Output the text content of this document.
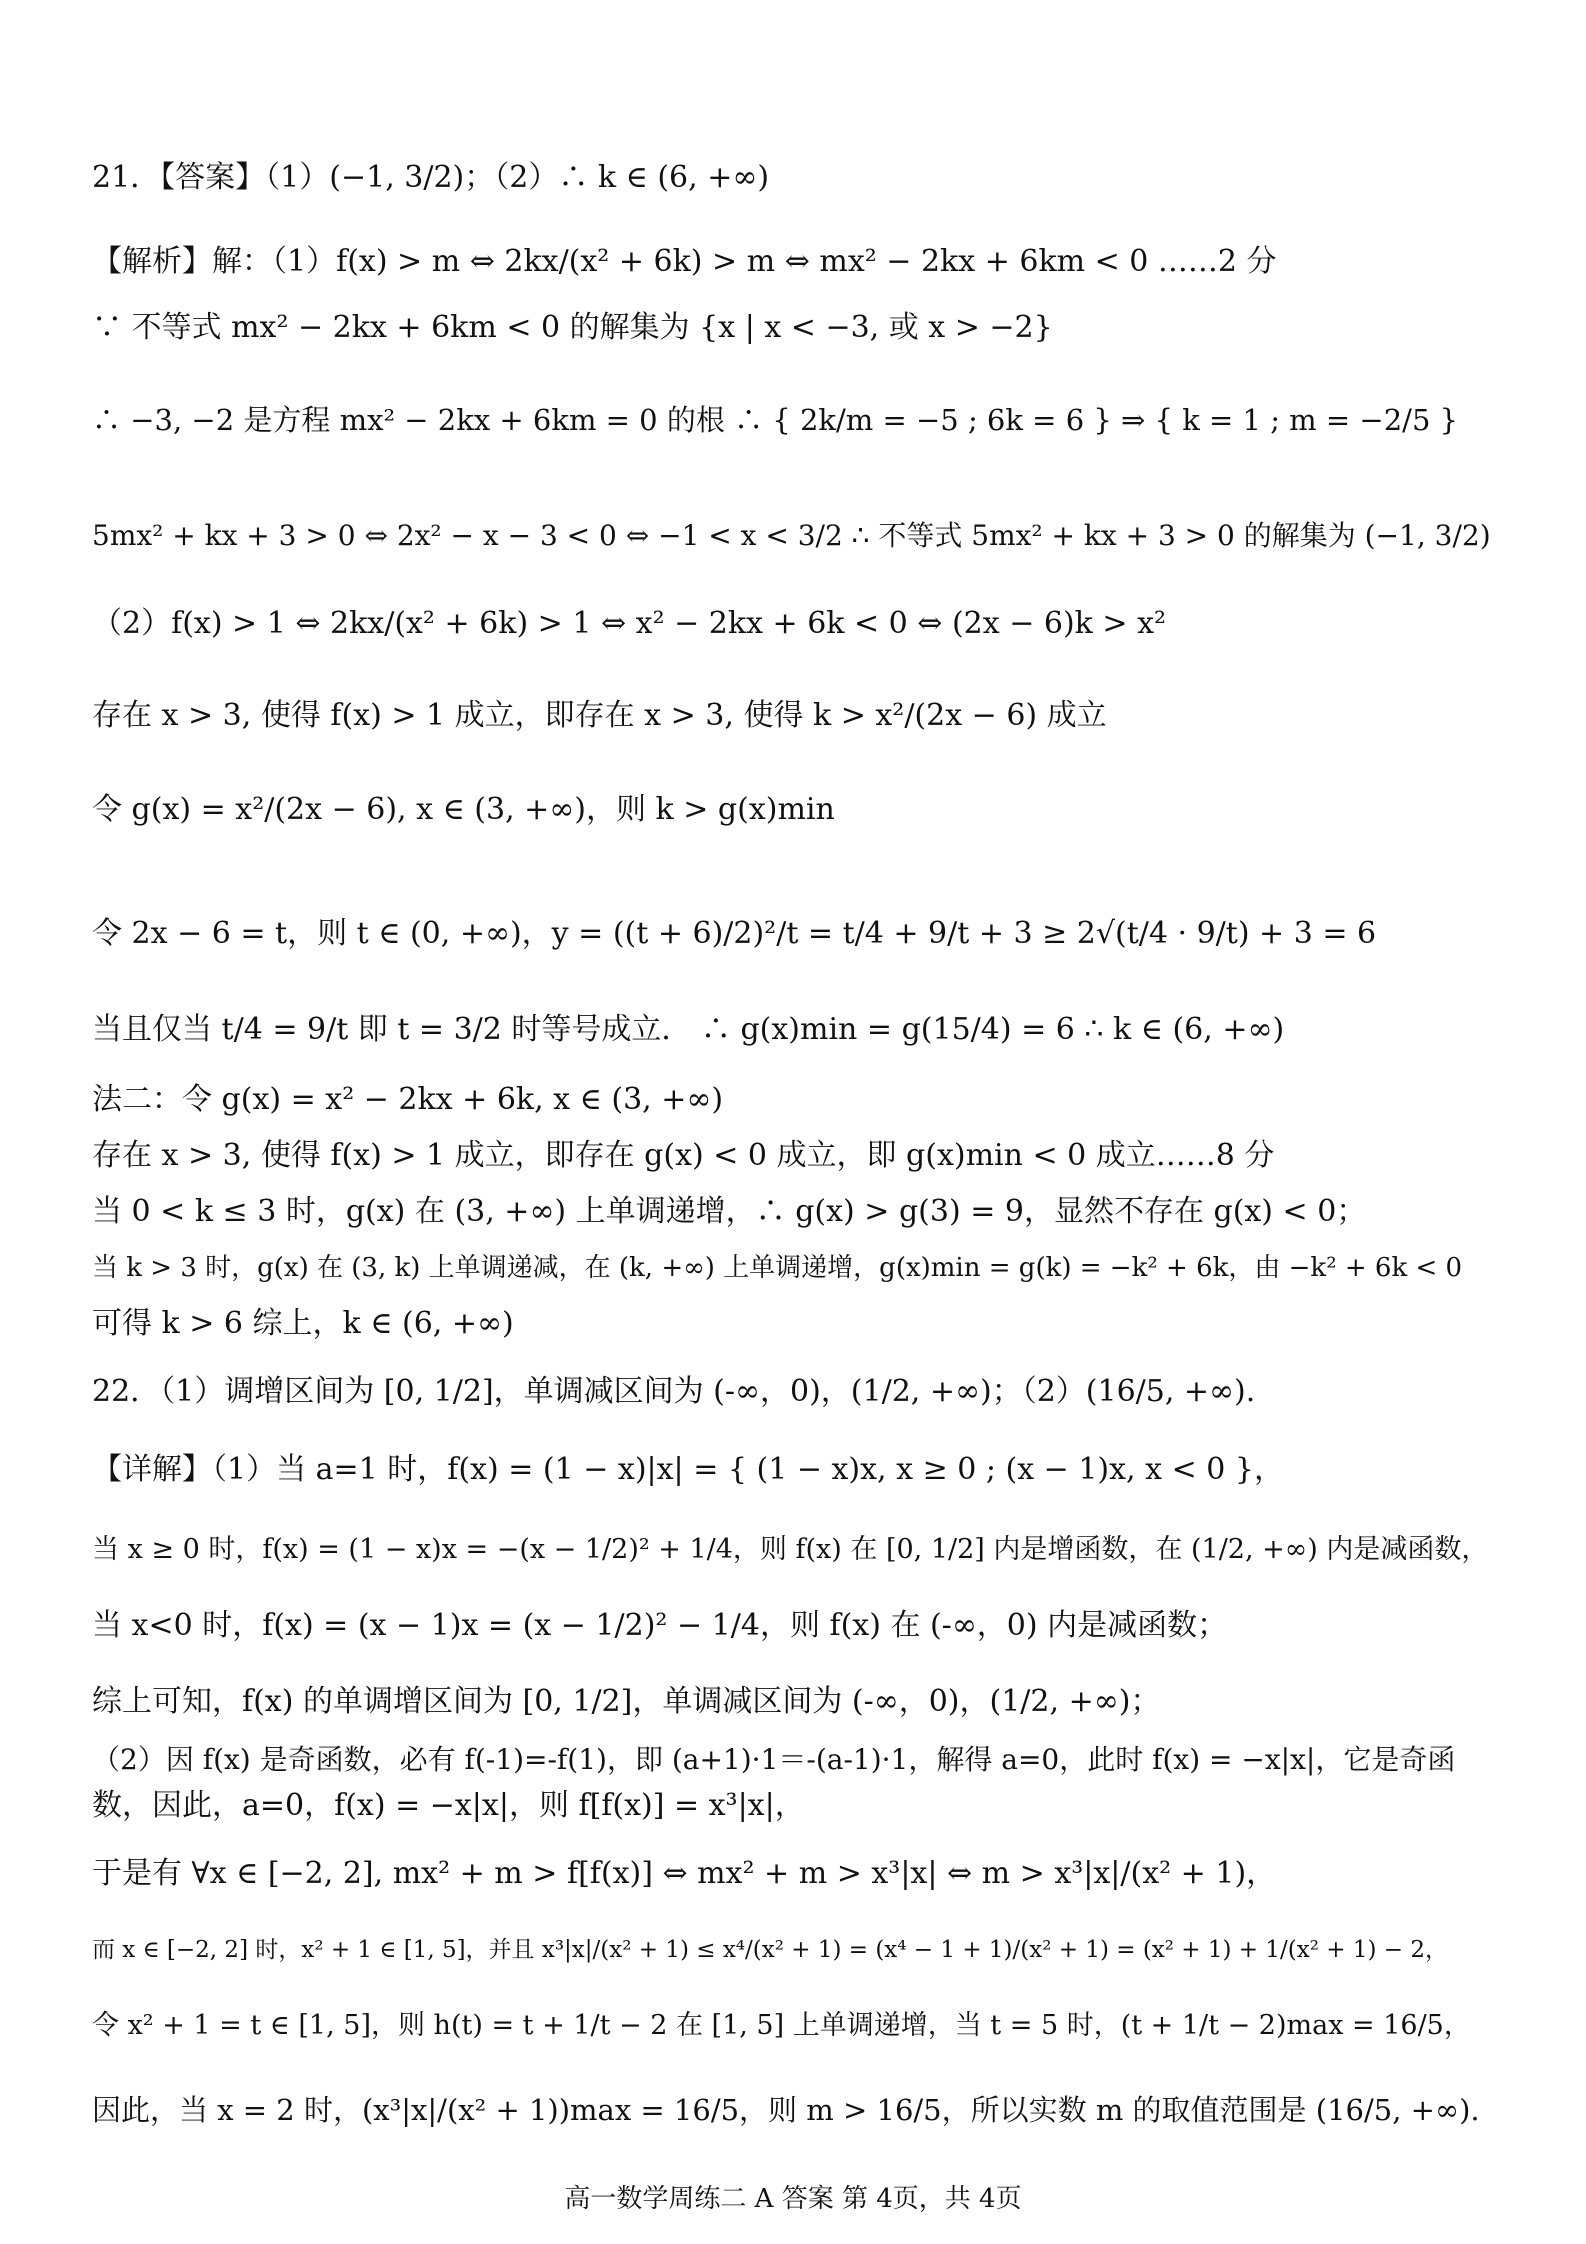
21．【答案】（1）(−1, 3/2)；（2）∴ k ∈ (6, +∞)
【解析】解：（1）f(x) > m ⇔ 2kx/(x² + 6k) > m ⇔ mx² − 2kx + 6km < 0 ……2 分
∵ 不等式 mx² − 2kx + 6km < 0 的解集为 {x | x < −3, 或 x > −2}
∴ −3, −2 是方程 mx² − 2kx + 6km = 0 的根 ∴ { 2k/m = −5 ; 6k = 6 } ⇒ { k = 1 ; m = −2/5 }
5mx² + kx + 3 > 0 ⇔ 2x² − x − 3 < 0 ⇔ −1 < x < 3/2 ∴ 不等式 5mx² + kx + 3 > 0 的解集为 (−1, 3/2)
（2）f(x) > 1 ⇔ 2kx/(x² + 6k) > 1 ⇔ x² − 2kx + 6k < 0 ⇔ (2x − 6)k > x²
存在 x > 3, 使得 f(x) > 1 成立，即存在 x > 3, 使得 k > x²/(2x − 6) 成立
令 g(x) = x²/(2x − 6), x ∈ (3, +∞)，则 k > g(x)min
令 2x − 6 = t，则 t ∈ (0, +∞)，y = ((t + 6)/2)²/t = t/4 + 9/t + 3 ≥ 2√(t/4 · 9/t) + 3 = 6
当且仅当 t/4 = 9/t 即 t = 3/2 时等号成立． ∴ g(x)min = g(15/4) = 6 ∴ k ∈ (6, +∞)
法二：令 g(x) = x² − 2kx + 6k, x ∈ (3, +∞)
存在 x > 3, 使得 f(x) > 1 成立，即存在 g(x) < 0 成立，即 g(x)min < 0 成立……8 分
当 0 < k ≤ 3 时，g(x) 在 (3, +∞) 上单调递增，∴ g(x) > g(3) = 9，显然不存在 g(x) < 0；
当 k > 3 时，g(x) 在 (3, k) 上单调递减，在 (k, +∞) 上单调递增，g(x)min = g(k) = −k² + 6k，由 −k² + 6k < 0
可得 k > 6 综上，k ∈ (6, +∞)
22．（1）调增区间为 [0, 1/2]，单调减区间为 (-∞，0)，(1/2, +∞)；（2）(16/5, +∞).
【详解】（1）当 a=1 时，f(x) = (1 − x)|x| = { (1 − x)x, x ≥ 0 ; (x − 1)x, x < 0 }，
当 x ≥ 0 时，f(x) = (1 − x)x = −(x − 1/2)² + 1/4，则 f(x) 在 [0, 1/2] 内是增函数，在 (1/2, +∞) 内是减函数，
当 x<0 时，f(x) = (x − 1)x = (x − 1/2)² − 1/4，则 f(x) 在 (-∞，0) 内是减函数；
综上可知，f(x) 的单调增区间为 [0, 1/2]，单调减区间为 (-∞，0)，(1/2, +∞)；
（2）因 f(x) 是奇函数，必有 f(-1)=-f(1)，即 (a+1)·1＝-(a-1)·1，解得 a=0，此时 f(x) = −x|x|，它是奇函
数，因此，a=0，f(x) = −x|x|，则 f[f(x)] = x³|x|，
于是有 ∀x ∈ [−2, 2], mx² + m > f[f(x)] ⇔ mx² + m > x³|x| ⇔ m > x³|x|/(x² + 1)，
而 x ∈ [−2, 2] 时，x² + 1 ∈ [1, 5]，并且 x³|x|/(x² + 1) ≤ x⁴/(x² + 1) = (x⁴ − 1 + 1)/(x² + 1) = (x² + 1) + 1/(x² + 1) − 2，
令 x² + 1 = t ∈ [1, 5]，则 h(t) = t + 1/t − 2 在 [1, 5] 上单调递增，当 t = 5 时，(t + 1/t − 2)max = 16/5，
因此，当 x = 2 时，(x³|x|/(x² + 1))max = 16/5，则 m > 16/5，所以实数 m 的取值范围是 (16/5, +∞).
高一数学周练二 A 答案 第 4页，共 4页
